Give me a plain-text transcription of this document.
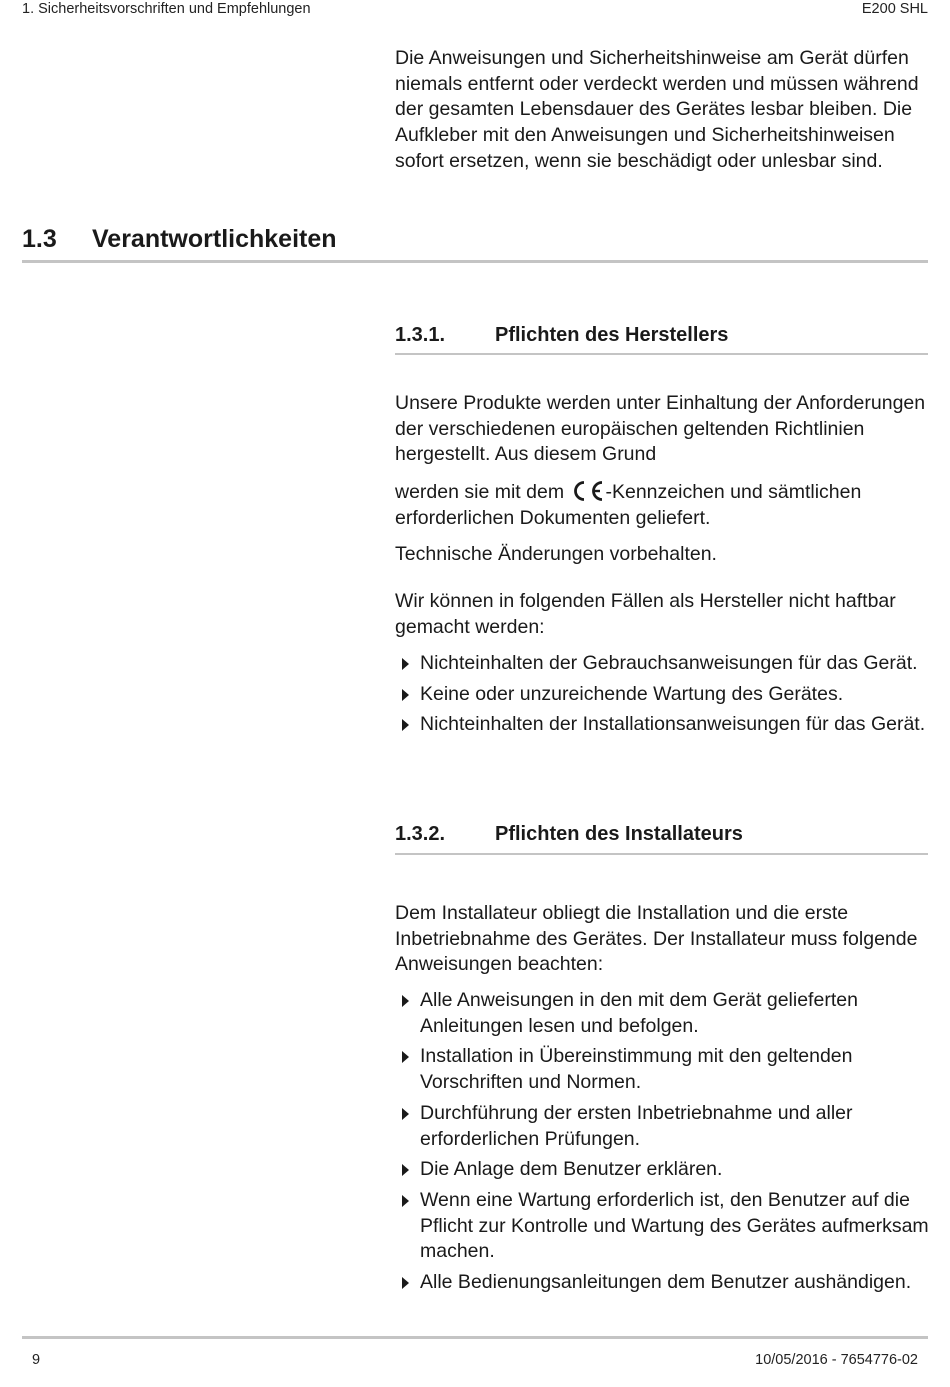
1. Sicherheitsvorschriften und Empfehlungen	E200 SHL
Die Anweisungen und Sicherheitshinweise am Gerät dürfen niemals entfernt oder verdeckt werden und müssen während der gesamten Lebensdauer des Gerätes lesbar bleiben. Die Aufkleber mit den Anweisungen und Sicherheitshinweisen sofort ersetzen, wenn sie beschädigt oder unlesbar sind.
1.3 Verantwortlichkeiten
1.3.1. Pflichten des Herstellers
Unsere Produkte werden unter Einhaltung der Anforderungen der verschiedenen europäischen geltenden Richtlinien hergestellt. Aus diesem Grund
werden sie mit dem -Kennzeichen und sämtlichen erforderlichen Dokumenten geliefert.
Technische Änderungen vorbehalten.
Wir können in folgenden Fällen als Hersteller nicht haftbar gemacht werden:
Nichteinhalten der Gebrauchsanweisungen für das Gerät.
Keine oder unzureichende Wartung des Gerätes.
Nichteinhalten der Installationsanweisungen für das Gerät.
1.3.2. Pflichten des Installateurs
Dem Installateur obliegt die Installation und die erste Inbetriebnahme des Gerätes. Der Installateur muss folgende Anweisungen beachten:
Alle Anweisungen in den mit dem Gerät gelieferten Anleitungen lesen und befolgen.
Installation in Übereinstimmung mit den geltenden Vorschriften und Normen.
Durchführung der ersten Inbetriebnahme und aller erforderlichen Prüfungen.
Die Anlage dem Benutzer erklären.
Wenn eine Wartung erforderlich ist, den Benutzer auf die Pflicht zur Kontrolle und Wartung des Gerätes aufmerksam machen.
Alle Bedienungsanleitungen dem Benutzer aushändigen.
9	10/05/2016 - 7654776-02
